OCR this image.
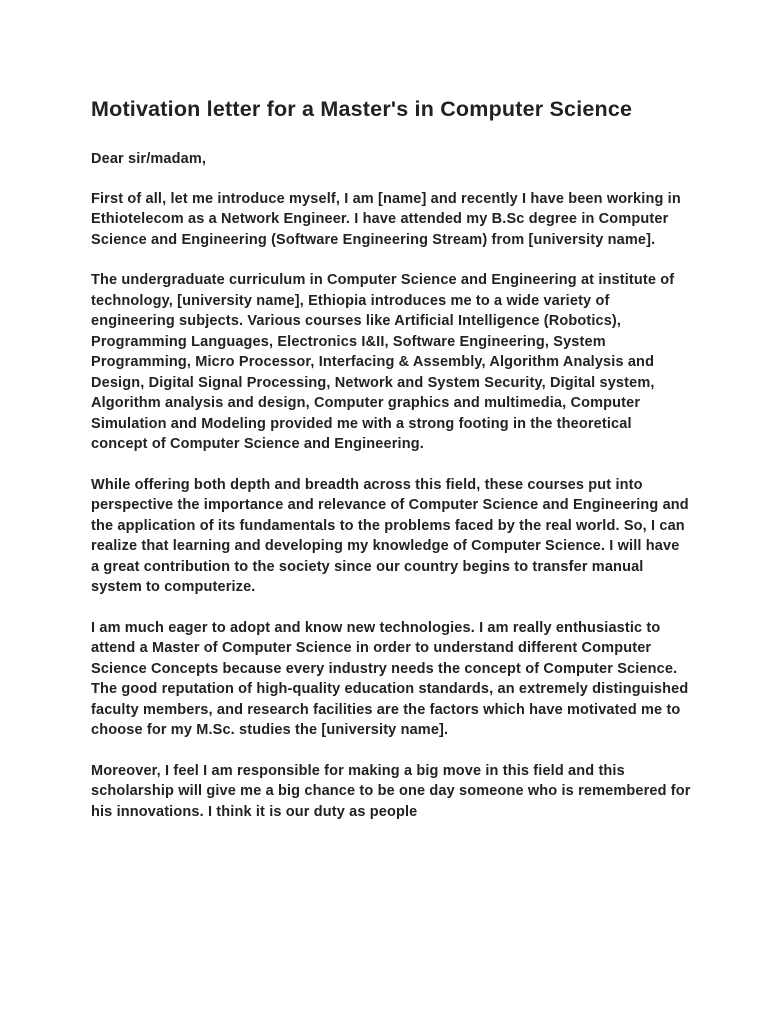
Motivation letter for a Master's in Computer Science

Dear sir/madam,

First of all, let me introduce myself, I am [name] and recently I have been working in Ethiotelecom as a Network Engineer. I have attended my B.Sc degree in Computer Science and Engineering (Software Engineering Stream) from [university name].

The undergraduate curriculum in Computer Science and Engineering at institute of technology, [university name], Ethiopia introduces me to a wide variety of engineering subjects. Various courses like Artificial Intelligence (Robotics), Programming Languages, Electronics I&II, Software Engineering, System Programming, Micro Processor, Interfacing & Assembly, Algorithm Analysis and Design, Digital Signal Processing, Network and System Security, Digital system, Algorithm analysis and design, Computer graphics and multimedia, Computer Simulation and Modeling provided me with a strong footing in the theoretical concept of Computer Science and Engineering.

While offering both depth and breadth across this field, these courses put into perspective the importance and relevance of Computer Science and Engineering and the application of its fundamentals to the problems faced by the real world. So, I can realize that learning and developing my knowledge of Computer Science. I will have a great contribution to the society since our country begins to transfer manual system to computerize.

I am much eager to adopt and know new technologies. I am really enthusiastic to attend a Master of Computer Science in order to understand different Computer Science Concepts because every industry needs the concept of Computer Science. The good reputation of high-quality education standards, an extremely distinguished faculty members, and research facilities are the factors which have motivated me to choose for my M.Sc. studies the [university name].

Moreover, I feel I am responsible for making a big move in this field and this scholarship will give me a big chance to be one day someone who is remembered for his innovations. I think it is our duty as people
